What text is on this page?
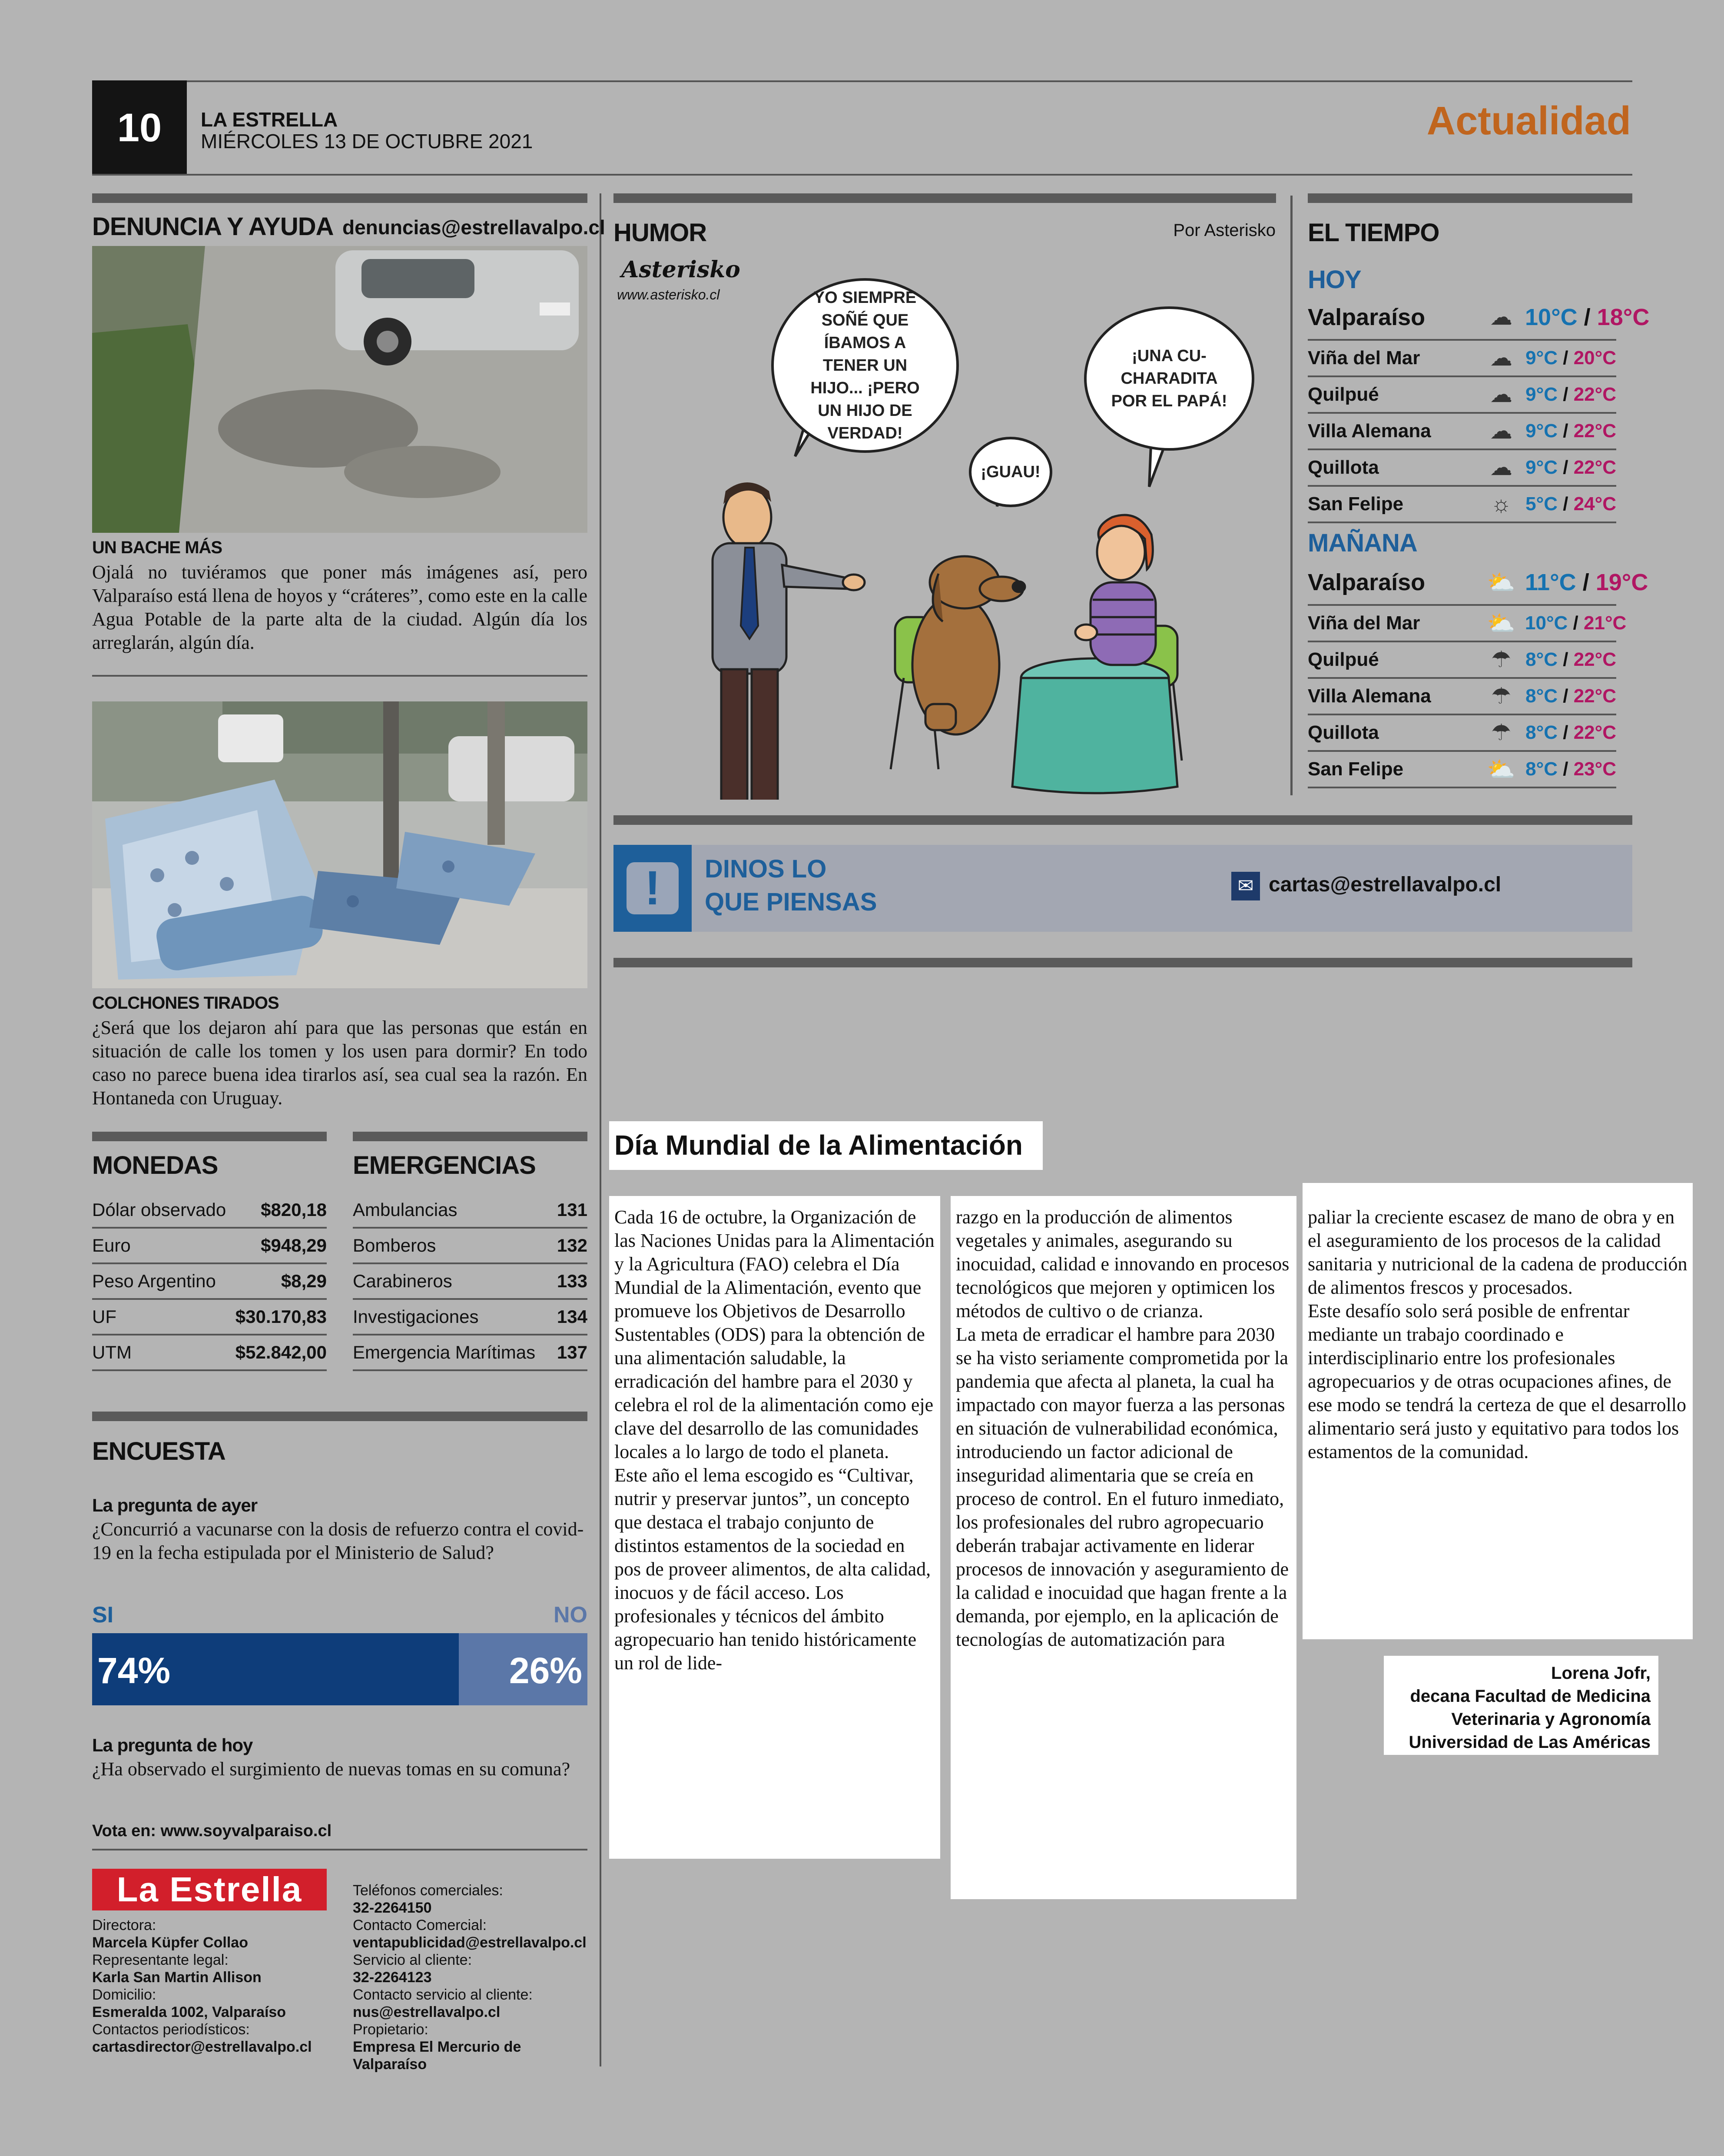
10	LA ESTRELLA
MIÉRCOLES 13 DE OCTUBRE 2021	Actualidad
DENUNCIA Y AYUDA denuncias@estrellavalpo.cl
UN BACHE MÁS
Ojalá no tuviéramos que poner más imágenes así, pero Valparaíso está llena de hoyos y “cráteres”, como este en la calle Agua Potable de la parte alta de la ciudad. Algún día los arreglarán, algún día.
COLCHONES TIRADOS
¿Será que los dejaron ahí para que las personas que están en situación de calle los tomen y los usen para dormir? En todo caso no parece buena idea tirarlos así, sea cual sea la razón. En Hontaneda con Uruguay.
MONEDAS
Dólar observado $820,18
Euro	$948,29
Peso Argentino	$8,29
UF	$30.170,83
UTM	$52.842,00
EMERGENCIAS
Ambulancias	131
Bomberos	132
Carabineros	133
Investigaciones	134
Emergencia Marítimas 137
ENCUESTA
La pregunta de ayer
¿Concurrió a vacunarse con la dosis de refuerzo contra el covid-19 en la fecha estipulada por el Ministerio de Salud?
SI	NO
74%	26%
La pregunta de hoy
¿Ha observado el surgimiento de nuevas tomas en su comuna?
Vota en: www.soyvalparaiso.cl
La Estrella
Directora:
Marcela Küpfer Collao
Representante legal:
Karla San Martin Allison
Domicilio:
Esmeralda 1002, Valparaíso
Contactos periodísticos:
cartasdirector@estrellavalpo.cl
Teléfonos comerciales:
32-2264150
Contacto Comercial:
ventapublicidad@estrellavalpo.cl
Servicio al cliente:
32-2264123
Contacto servicio al cliente:
nus@estrellavalpo.cl
Propietario:
Empresa El Mercurio de Valparaíso
HUMOR	Por Asterisko
Asterisko
www.asterisko.cl	YO SIEMPRE SOÑÉ QUE ÍBAMOS A TENER UN HIJO... ¡PERO UN HIJO DE VERDAD!
¡GUAU!
¡UNA CU-CHARADITA POR EL PAPÁ!
EL TIEMPO
HOY
Valparaíso	☁ 10°C / 18°C
Viña del Mar	☁ 9°C / 20°C
Quilpué	☁ 9°C / 22°C
Villa Alemana	☁ 9°C / 22°C
Quillota	☁ 9°C / 22°C
San Felipe	☼ 5°C / 24°C
MAÑANA
Valparaíso	⛅ 11°C / 19°C
Viña del Mar	⛅ 10°C / 21°C
Quilpué	☂ 8°C / 22°C
Villa Alemana	☂ 8°C / 22°C
Quillota	☂ 8°C / 22°C
San Felipe	⛅ 8°C / 23°C
!	DINOS LO
QUE PIENSAS
✉ cartas@estrellavalpo.cl
Día Mundial de la Alimentación
Cada 16 de octubre, la Organización de las Naciones Unidas para la Alimentación y la Agricultura (FAO) celebra el Día Mundial de la Alimentación, evento que promueve los Objetivos de Desarrollo Sustentables (ODS) para la obtención de una alimentación saludable, la erradicación del hambre para el 2030 y celebra el rol de la alimentación como eje clave del desarrollo de las comunidades locales a lo largo de todo el planeta.
Este año el lema escogido es “Cultivar, nutrir y preservar juntos”, un concepto que destaca el trabajo conjunto de distintos estamentos de la sociedad en pos de proveer alimentos, de alta calidad, inocuos y de fácil acceso. Los profesionales y técnicos del ámbito agropecuario han tenido históricamente un rol de lide-
razgo en la producción de alimentos vegetales y animales, asegurando su inocuidad, calidad e innovando en procesos tecnológicos que mejoren y optimicen los métodos de cultivo o de crianza.
La meta de erradicar el hambre para 2030 se ha visto seriamente comprometida por la pandemia que afecta al planeta, la cual ha impactado con mayor fuerza a las personas en situación de vulnerabilidad económica, introduciendo un factor adicional de inseguridad alimentaria que se creía en proceso de control. En el futuro inmediato, los profesionales del rubro agropecuario deberán trabajar activamente en liderar procesos de innovación y aseguramiento de la calidad e inocuidad que hagan frente a la demanda, por ejemplo, en la aplicación de tecnologías de automatización para
paliar la creciente escasez de mano de obra y en el aseguramiento de los procesos de la calidad sanitaria y nutricional de la cadena de producción de alimentos frescos y procesados.
Este desafío solo será posible de enfrentar mediante un trabajo coordinado e interdisciplinario entre los profesionales agropecuarios y de otras ocupaciones afines, de ese modo se tendrá la certeza de que el desarrollo alimentario será justo y equitativo para todos los estamentos de la comunidad.
Lorena Jofr,
decana Facultad de Medicina
Veterinaria y Agronomía
Universidad de Las Américas
